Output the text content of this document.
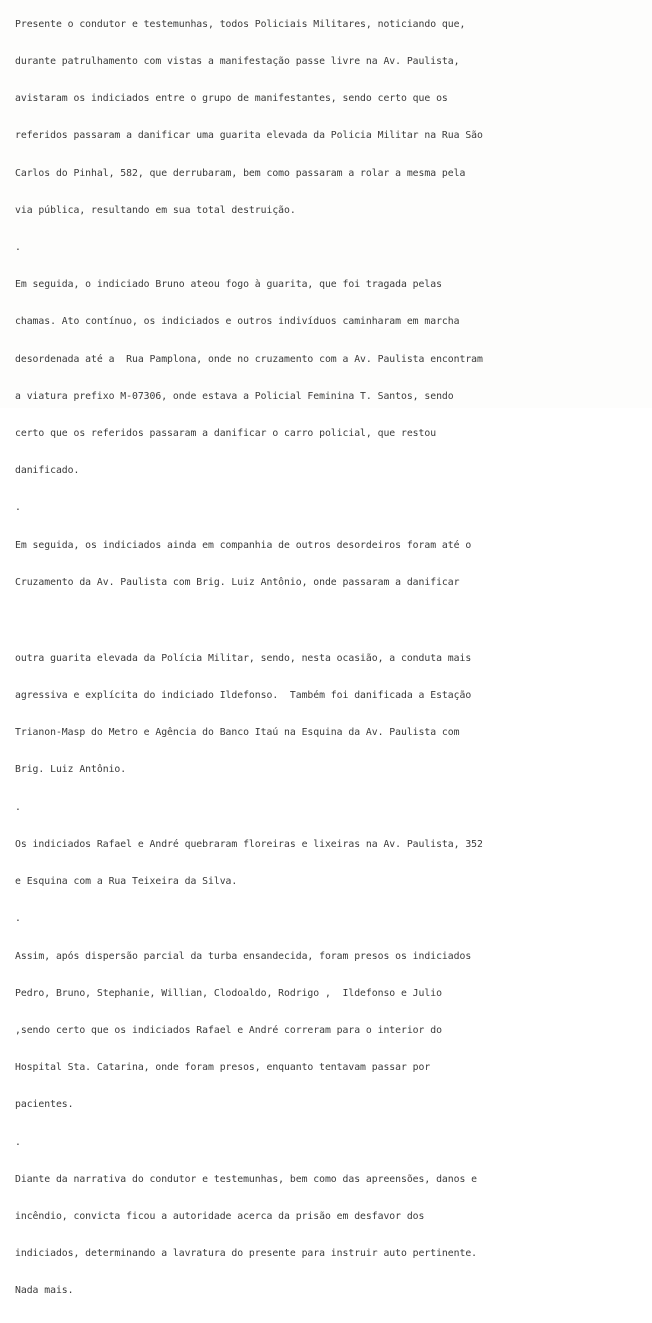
Presente o condutor e testemunhas, todos Policiais Militares, noticiando que,

durante patrulhamento com vistas a manifestação passe livre na Av. Paulista,

avistaram os indiciados entre o grupo de manifestantes, sendo certo que os

referidos passaram a danificar uma guarita elevada da Policia Militar na Rua São

Carlos do Pinhal, 582, que derrubaram, bem como passaram a rolar a mesma pela

via pública, resultando em sua total destruição.

.

Em seguida, o indiciado Bruno ateou fogo à guarita, que foi tragada pelas

chamas. Ato contínuo, os indiciados e outros indivíduos caminharam em marcha

desordenada até a  Rua Pamplona, onde no cruzamento com a Av. Paulista encontram

a viatura prefixo M-07306, onde estava a Policial Feminina T. Santos, sendo

certo que os referidos passaram a danificar o carro policial, que restou

danificado.

.

Em seguida, os indiciados ainda em companhia de outros desordeiros foram até o

Cruzamento da Av. Paulista com Brig. Luiz Antônio, onde passaram a danificar

outra guarita elevada da Polícia Militar, sendo, nesta ocasião, a conduta mais

agressiva e explícita do indiciado Ildefonso.  Também foi danificada a Estação

Trianon-Masp do Metro e Agência do Banco Itaú na Esquina da Av. Paulista com

Brig. Luiz Antônio.

.

Os indiciados Rafael e André quebraram floreiras e lixeiras na Av. Paulista, 352

e Esquina com a Rua Teixeira da Silva.

.

Assim, após dispersão parcial da turba ensandecida, foram presos os indiciados

Pedro, Bruno, Stephanie, Willian, Clodoaldo, Rodrigo ,  Ildefonso e Julio

,sendo certo que os indiciados Rafael e André correram para o interior do

Hospital Sta. Catarina, onde foram presos, enquanto tentavam passar por

pacientes.

.

Diante da narrativa do condutor e testemunhas, bem como das apreensões, danos e

incêndio, convicta ficou a autoridade acerca da prisão em desfavor dos

indiciados, determinando a lavratura do presente para instruir auto pertinente.

Nada mais.
